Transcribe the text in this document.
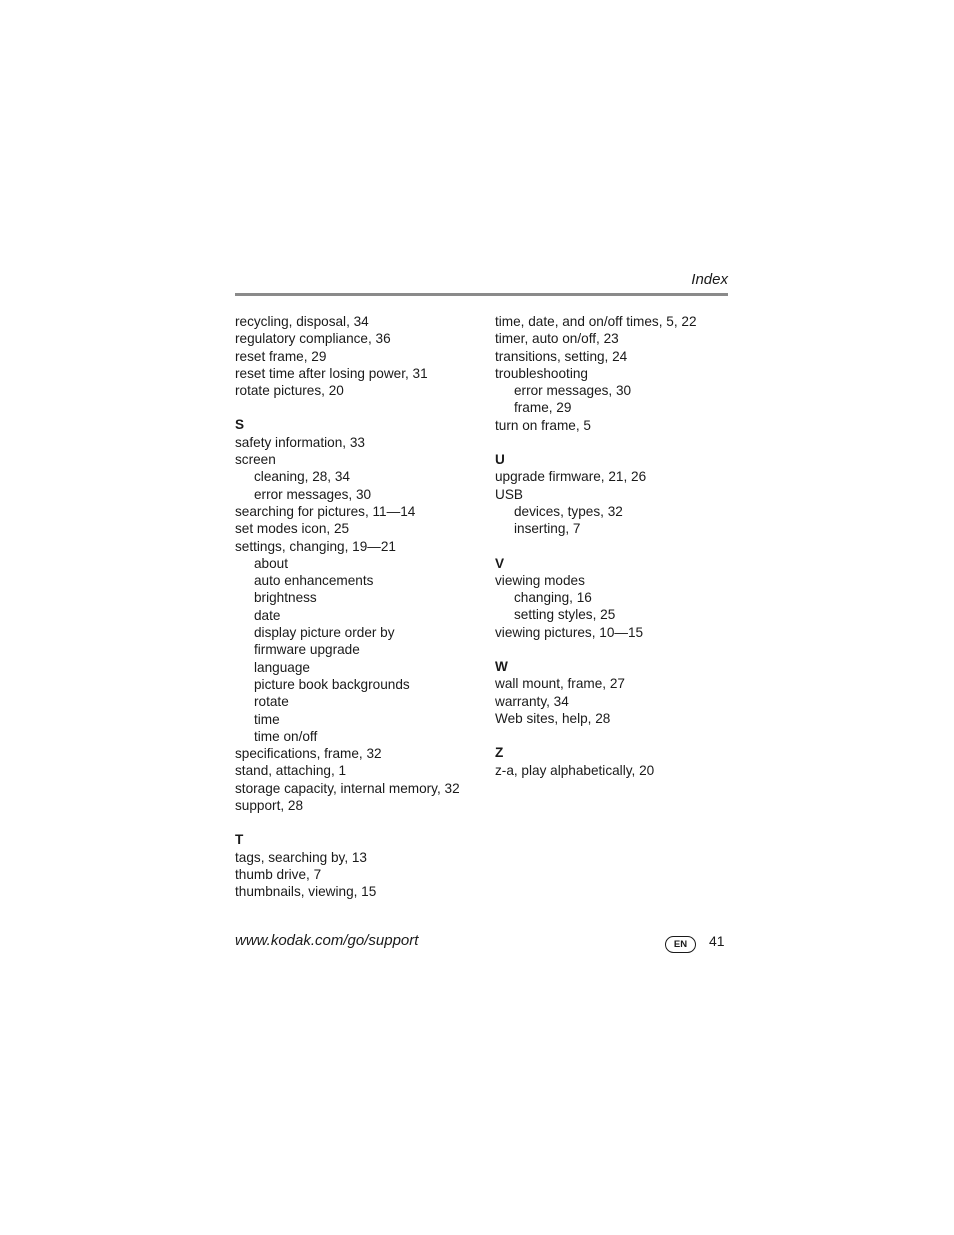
Index
recycling, disposal, 34
regulatory compliance, 36
reset frame, 29
reset time after losing power, 31
rotate pictures, 20
S
safety information, 33
screen
cleaning, 28, 34
error messages, 30
searching for pictures, 11—14
set modes icon, 25
settings, changing, 19—21
about
auto enhancements
brightness
date
display picture order by
firmware upgrade
language
picture book backgrounds
rotate
time
time on/off
specifications, frame, 32
stand, attaching, 1
storage capacity, internal memory, 32
support, 28
T
tags, searching by, 13
thumb drive, 7
thumbnails, viewing, 15
time, date, and on/off times, 5, 22
timer, auto on/off, 23
transitions, setting, 24
troubleshooting
error messages, 30
frame, 29
turn on frame, 5
U
upgrade firmware, 21, 26
USB
devices, types, 32
inserting, 7
V
viewing modes
changing, 16
setting styles, 25
viewing pictures, 10—15
W
wall mount, frame, 27
warranty, 34
Web sites, help, 28
Z
z-a, play alphabetically, 20
www.kodak.com/go/support	EN	41
